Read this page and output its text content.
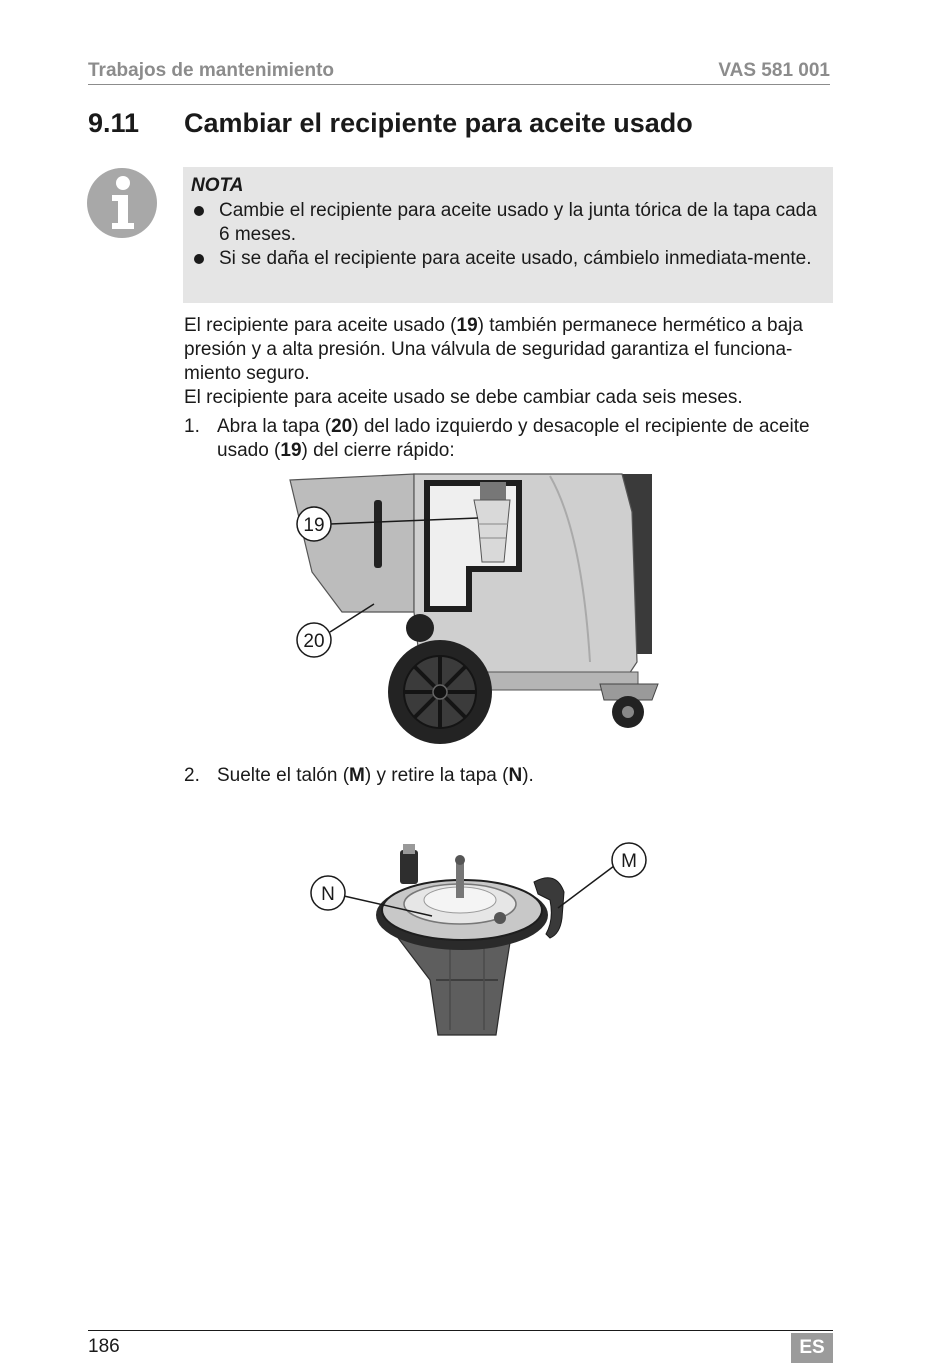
Trabajos de mantenimiento	VAS 581 001
9.11 Cambiar el recipiente para aceite usado
NOTA
Cambie el recipiente para aceite usado y la junta tórica de la tapa cada 6 meses.
Si se daña el recipiente para aceite usado, cámbielo inmediata-mente.

El recipiente para aceite usado (19) también permanece hermético a baja presión y a alta presión. Una válvula de seguridad garantiza el funciona-miento seguro.

El recipiente para aceite usado se debe cambiar cada seis meses.

1. Abra la tapa (20) del lado izquierdo y desacople el recipiente de aceite usado (19) del cierre rápido:
19
20
2. Suelte el talón (M) y retire la tapa (N).
N
M
186	ES
